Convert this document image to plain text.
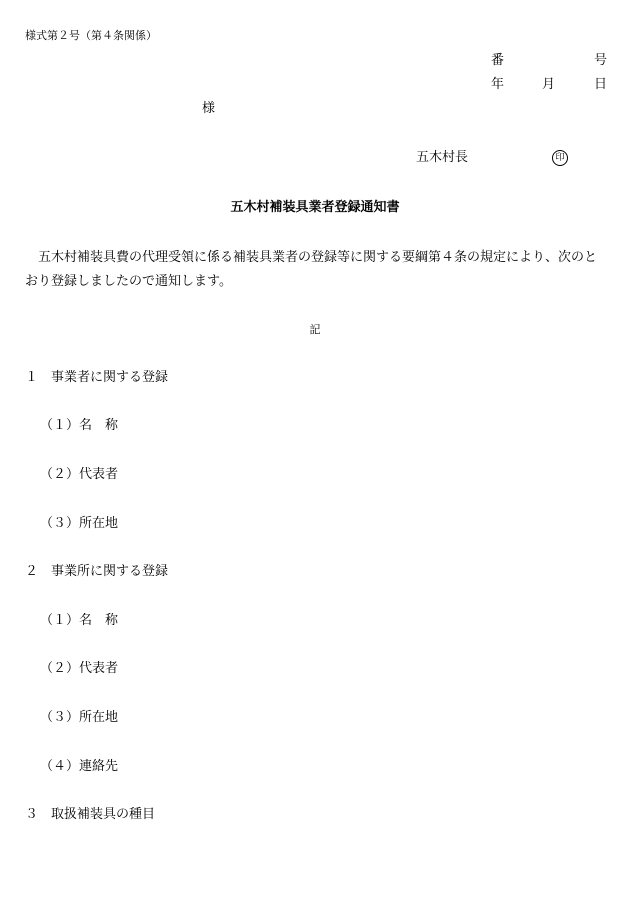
様式第２号（第４条関係）
番	号
年	月	日
様
五木村長	印
五木村補装具業者登録通知書
五木村補装具費の代理受領に係る補装具業者の登録等に関する要綱第４条の規定により、次のとおり登録しましたので通知します。
記
１　事業者に関する登録
（１）名　称
（２）代表者
（３）所在地
２　事業所に関する登録
（１）名　称
（２）代表者
（３）所在地
（４）連絡先
３　取扱補装具の種目
